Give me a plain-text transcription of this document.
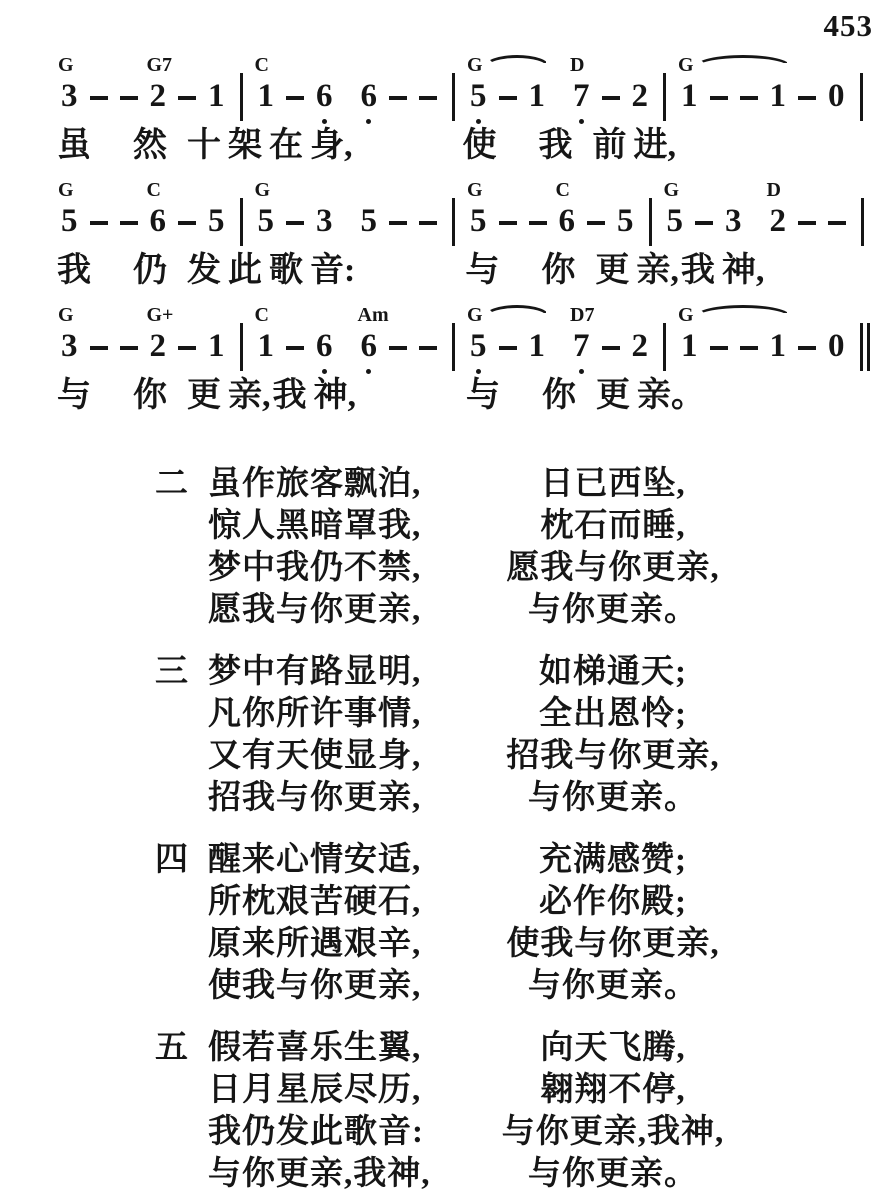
453
3
G
2
G7
1 1
C
6 6	5
G
1 7
D
2 1
G
1 0
虽 然 十 架 在 身,	使 我 前 进,
5
G
6
C
5 5
G
3 5	5
G
6
C
5 5
G
3 2
D
我 仍 发 此 歌 音:	与 你 更 亲, 我 神,
3
G
2
G+
1 1
C
6 6
Am
5
G
1 7
D7
2 1
G
1 0
与 你 更 亲, 我 神,	与 你 更 亲。
二 虽作旅客飘泊,	日已西坠,
惊人黑暗罩我,	枕石而睡,
梦中我仍不禁,	愿我与你更亲,
愿我与你更亲,	与你更亲。
三 梦中有路显明,	如梯通天;
凡你所许事情,	全出恩怜;
又有天使显身,	招我与你更亲,
招我与你更亲,	与你更亲。
四 醒来心情安适,	充满感赞;
所枕艰苦硬石,	必作你殿;
原来所遇艰辛,	使我与你更亲,
使我与你更亲,	与你更亲。
五 假若喜乐生翼,	向天飞腾,
日月星辰尽历,	翱翔不停,
我仍发此歌音:	与你更亲,我神,
与你更亲,我神,	与你更亲。
